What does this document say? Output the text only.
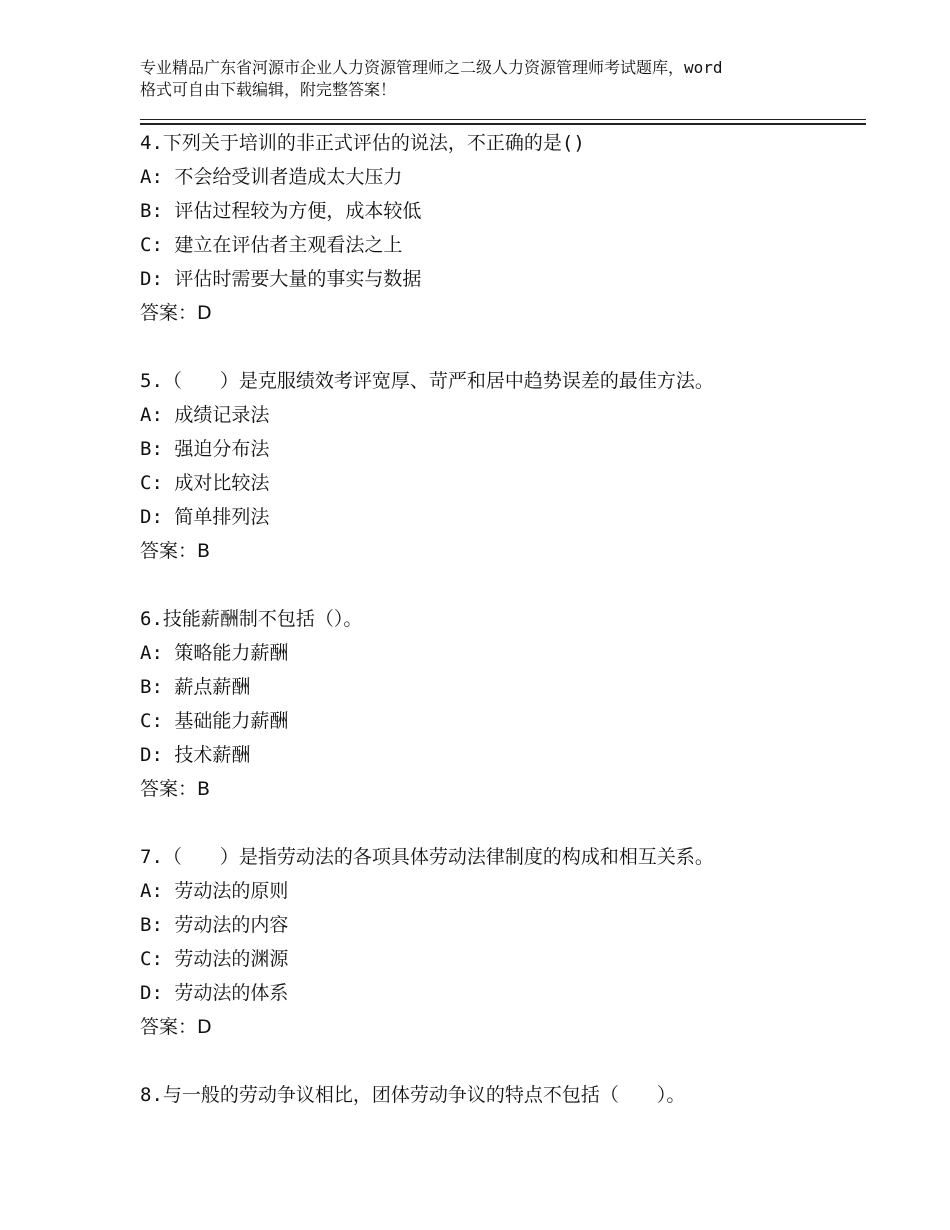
专业精品广东省河源市企业人力资源管理师之二级人力资源管理师考试题库，word
格式可自由下载编辑，附完整答案！
4.下列关于培训的非正式评估的说法，不正确的是()
A: 不会给受训者造成太大压力
B: 评估过程较为方便，成本较低
C: 建立在评估者主观看法之上
D: 评估时需要大量的事实与数据
答案：D
5.（　　）是克服绩效考评宽厚、苛严和居中趋势误差的最佳方法。
A: 成绩记录法
B: 强迫分布法
C: 成对比较法
D: 简单排列法
答案：B
6.技能薪酬制不包括（）。
A: 策略能力薪酬
B: 薪点薪酬
C: 基础能力薪酬
D: 技术薪酬
答案：B
7.（　　）是指劳动法的各项具体劳动法律制度的构成和相互关系。
A: 劳动法的原则
B: 劳动法的内容
C: 劳动法的渊源
D: 劳动法的体系
答案：D
8.与一般的劳动争议相比，团体劳动争议的特点不包括（　　）。
